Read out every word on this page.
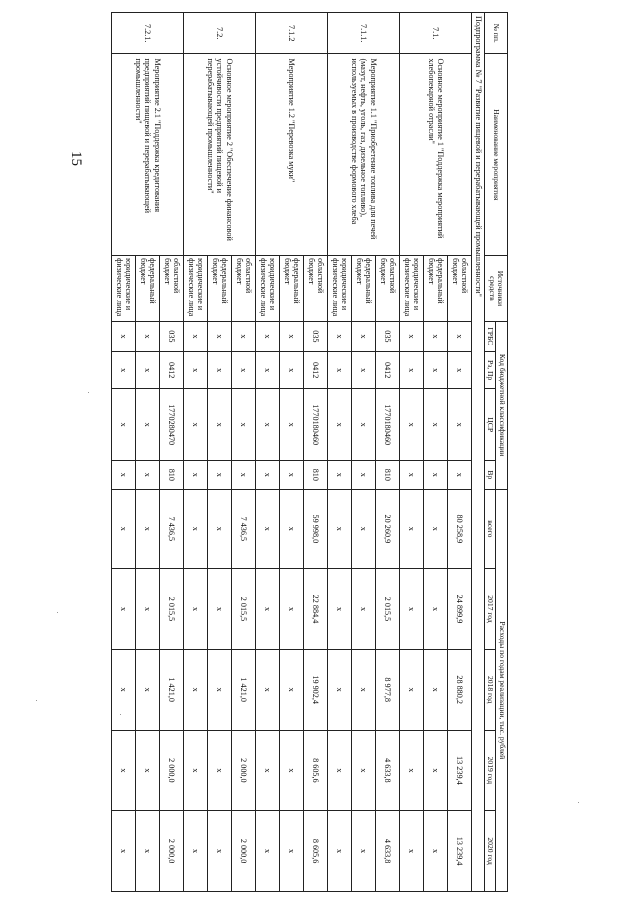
15
№ пп.	Наименование мероприятия	Источники средств	Код бюджетной классификации				Расходы по годам реализации, тыс. рублей				
			ГРБС	Рз, Пр	ЦСР	Вр	всего	2017 год	2018 год	2019 год	2020 год
Подпрограмма № 7 "Развитие пищевой и перерабатывающей промышленности"											
7.1.	Основное мероприятие 1 "Поддержка мероприятий хлебопекарной отрасли"	областной бюджет	х	х	х	х	80 258,9	24 899,9	28 880,2	13 239,4	13 239,4
		федеральный бюджет	х	х	х	х	х	х	х	х	х
		юридические и физические лица	х	х	х	х	х	х	х	х	х
7.1.1.	Мероприятие 1.1 "Приобретение топлива для печей (мазут, нефть, уголь, газ, дизельное топливо), используемых в производстве формового хлеба	областной бюджет	035	0412	1770180460	810	20 260,9	2 015,5	8 977,8	4 633,8	4 633,8
		федеральный бюджет	х	х	х	х	х	х	х	х	х
		юридические и физические лица	х	х	х	х	х	х	х	х	х
7.1.2	Мероприятие 1.2 "Перевозка муки"	областной бюджет	035	0412	1770180460	810	59 998,0	22 884,4	19 902,4	8 605,6	8 605,6
		федеральный бюджет	х	х	х	х	х	х	х	х	х
		юридические и физические лица	х	х	х	х	х	х	х	х	х
7.2.	Основное мероприятие 2 "Обеспечение финансовой устойчивости предприятий пищевой и перерабатывающей промышленности"	областной бюджет	х	х	х	х	7 436,5	2 015,5	1 421,0	2 000,0	2 000,0
		федеральный бюджет	х	х	х	х	х	х	х	х	х
		юридические и физические лица	х	х	х	х	х	х	х	х	х
7.2.1.	Мероприятие 2.1 "Поддержка кредитования предприятий пищевой и перерабатывающей промышленности"	областной бюджет	035	0412	1770280470	810	7 436,5	2 015,5	1 421,0	2 000,0	2 000,0
		федеральный бюджет	х	х	х	х	х	х	х	х	х
		юридические и физические лица	х	х	х	х	х	х	х	х	х
